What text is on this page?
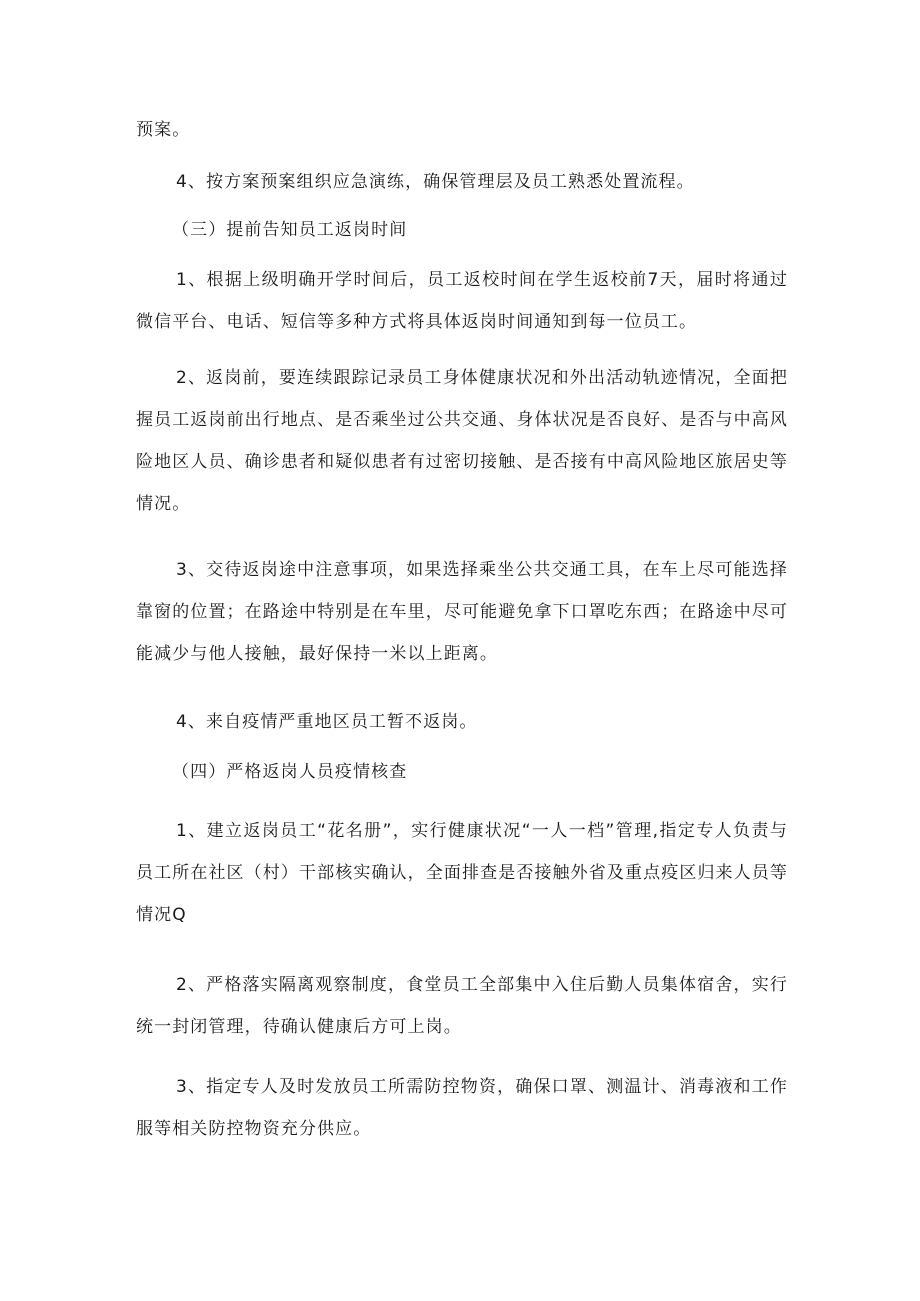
预案。

4、按方案预案组织应急演练，确保管理层及员工熟悉处置流程。

（三）提前告知员工返岗时间

1、根据上级明确开学时间后，员工返校时间在学生返校前7天，届时将通过微信平台、电话、短信等多种方式将具体返岗时间通知到每一位员工。

2、返岗前，要连续跟踪记录员工身体健康状况和外出活动轨迹情况，全面把握员工返岗前出行地点、是否乘坐过公共交通、身体状况是否良好、是否与中高风险地区人员、确诊患者和疑似患者有过密切接触、是否接有中高风险地区旅居史等情况。

3、交待返岗途中注意事项，如果选择乘坐公共交通工具，在车上尽可能选择靠窗的位置；在路途中特别是在车里，尽可能避免拿下口罩吃东西；在路途中尽可能减少与他人接触，最好保持一米以上距离。

4、来自疫情严重地区员工暂不返岗。

（四）严格返岗人员疫情核查

1、建立返岗员工“花名册”，实行健康状况“一人一档”管理,指定专人负责与员工所在社区（村）干部核实确认，全面排查是否接触外省及重点疫区归来人员等情况Q

2、严格落实隔离观察制度，食堂员工全部集中入住后勤人员集体宿舍，实行统一封闭管理，待确认健康后方可上岗。

3、指定专人及时发放员工所需防控物资，确保口罩、测温计、消毒液和工作服等相关防控物资充分供应。
